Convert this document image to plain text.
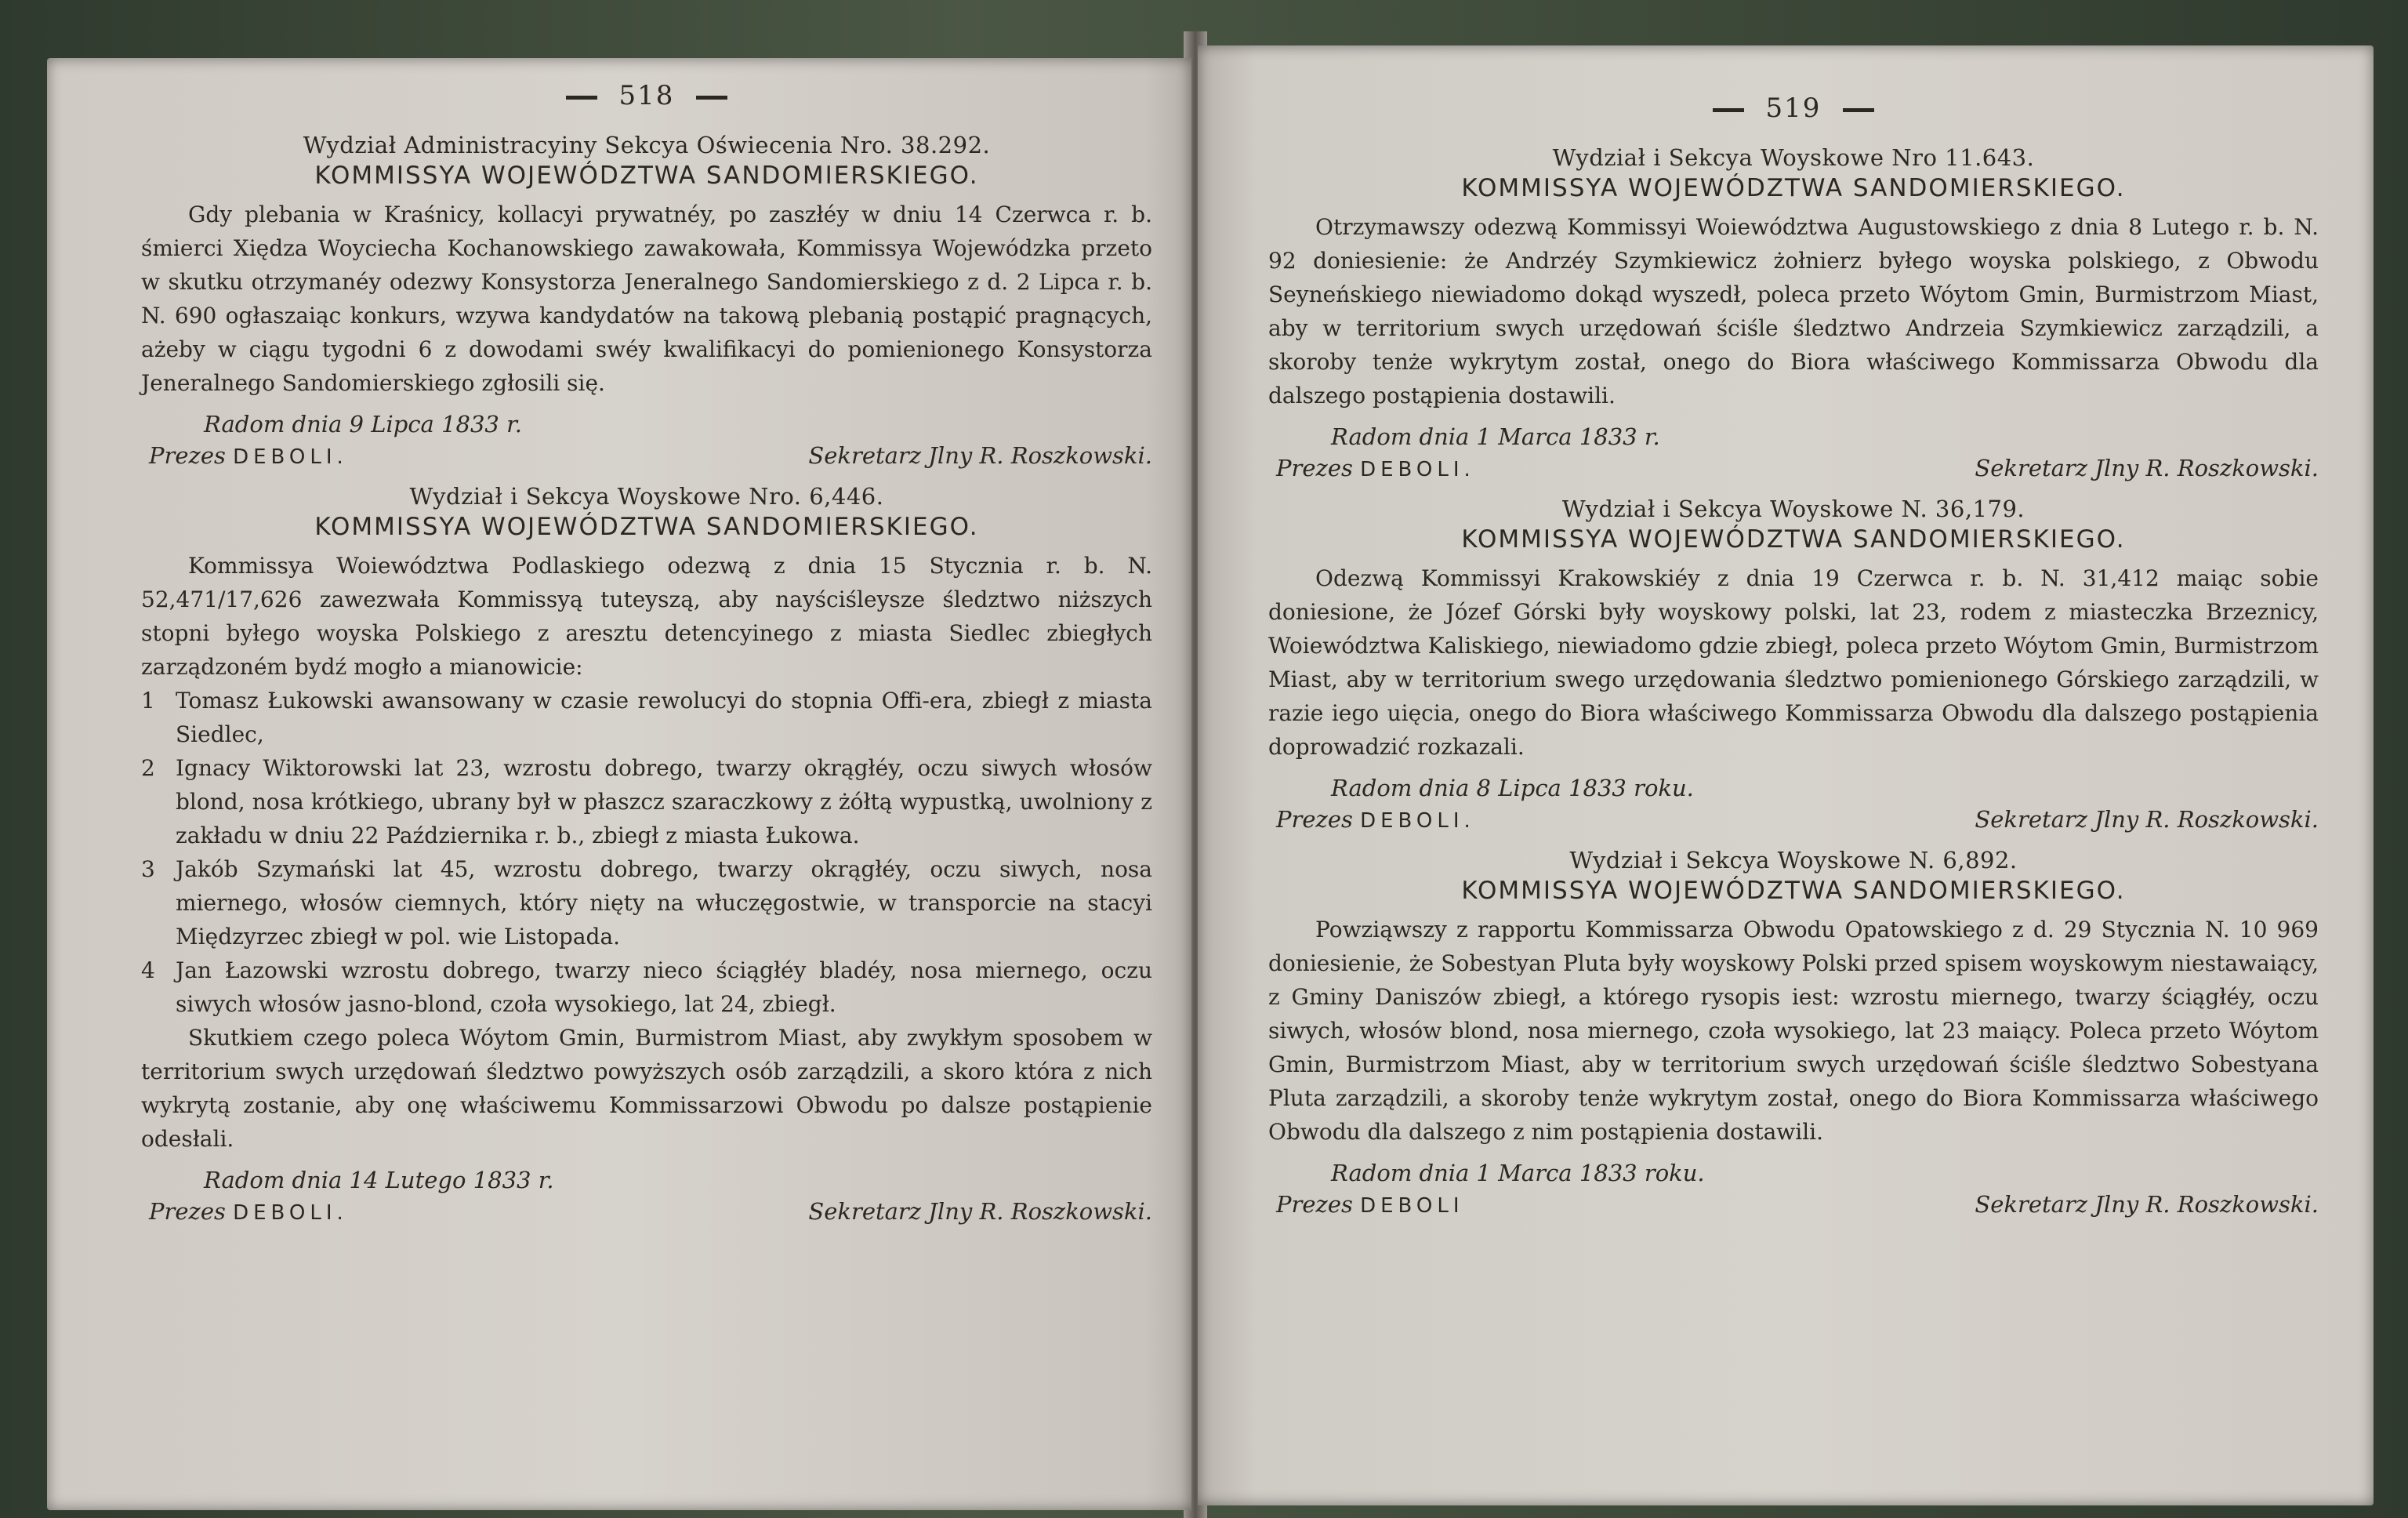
518
Wydział Administracyiny Sekcya Oświecenia Nro. 38.292.
KOMMISSYA WOJEWÓDZTWA SANDOMIERSKIEGO.

Gdy plebania w Kraśnicy, kollacyi prywatnéy, po zaszłéy w dniu 14 Czerwca r. b. śmierci Xiędza Woyciecha Kochanowskiego zawakowała, Kommissya Wojewódzka przeto w skutku otrzymanéy odezwy Konsystorza Jeneralnego Sandomierskiego z d. 2 Lipca r. b. N. 690 ogłaszaiąc konkurs, wzywa kandydatów na takową plebanią postąpić pragnących, ażeby w ciągu tygodni 6 z dowodami swéy kwalifikacyi do pomienionego Konsystorza Jeneralnego Sandomierskiego zgłosili się.

Radom dnia 9 Lipca 1833 r.
Prezes DEBOLI.	Sekretarz Jlny R. Roszkowski.
Wydział i Sekcya Woyskowe Nro. 6,446.
KOMMISSYA WOJEWÓDZTWA SANDOMIERSKIEGO.

Kommissya Woiewództwa Podlaskiego odezwą z dnia 15 Stycznia r. b. N. 52,471/17,626 zawezwała Kommissyą tuteyszą, aby nayściśleysze śledztwo niższych stopni byłego woyska Polskiego z aresztu detencyinego z miasta Siedlec zbiegłych zarządzoném bydź mogło a mianowicie:

1 Tomasz Łukowski awansowany w czasie rewolucyi do stopnia Offi-era, zbiegł z miasta Siedlec,
2 Ignacy Wiktorowski lat 23, wzrostu dobrego, twarzy okrągłéy, oczu siwych włosów blond, nosa krótkiego, ubrany był w płaszcz szaraczkowy z żółtą wypustką, uwolniony z zakładu w dniu 22 Października r. b., zbiegł z miasta Łukowa.
3 Jakób Szymański lat 45, wzrostu dobrego, twarzy okrągłéy, oczu siwych, nosa miernego, włosów ciemnych, który nięty na włuczęgostwie, w transporcie na stacyi Międzyrzec zbiegł w pol. wie Listopada.
4 Jan Łazowski wzrostu dobrego, twarzy nieco ściągłéy bladéy, nosa miernego, oczu siwych włosów jasno-blond, czoła wysokiego, lat 24, zbiegł.

Skutkiem czego poleca Wóytom Gmin, Burmistrom Miast, aby zwykłym sposobem w territorium swych urzędowań śledztwo powyższych osób zarządzili, a skoro która z nich wykrytą zostanie, aby onę właściwemu Kommissarzowi Obwodu po dalsze postąpienie odesłali.

Radom dnia 14 Lutego 1833 r.
Prezes DEBOLI.	Sekretarz Jlny R. Roszkowski.
519
Wydział i Sekcya Woyskowe Nro 11.643.
KOMMISSYA WOJEWÓDZTWA SANDOMIERSKIEGO.

Otrzymawszy odezwą Kommissyi Woiewództwa Augustowskiego z dnia 8 Lutego r. b. N. 92 doniesienie: że Andrzéy Szymkiewicz żołnierz byłego woyska polskiego, z Obwodu Seyneńskiego niewiadomo dokąd wyszedł, poleca przeto Wóytom Gmin, Burmistrzom Miast, aby w territorium swych urzędowań ściśle śledztwo Andrzeia Szymkiewicz zarządzili, a skoroby tenże wykrytym został, onego do Biora właściwego Kommissarza Obwodu dla dalszego postąpienia dostawili.

Radom dnia 1 Marca 1833 r.
Prezes DEBOLI.	Sekretarz Jlny R. Roszkowski.
Wydział i Sekcya Woyskowe N. 36,179.
KOMMISSYA WOJEWÓDZTWA SANDOMIERSKIEGO.

Odezwą Kommissyi Krakowskiéy z dnia 19 Czerwca r. b. N. 31,412 maiąc sobie doniesione, że Józef Górski były woyskowy polski, lat 23, rodem z miasteczka Brzeznicy, Woiewództwa Kaliskiego, niewiadomo gdzie zbiegł, poleca przeto Wóytom Gmin, Burmistrzom Miast, aby w territorium swego urzędowania śledztwo pomienionego Górskiego zarządzili, w razie iego uięcia, onego do Biora właściwego Kommissarza Obwodu dla dalszego postąpienia doprowadzić rozkazali.

Radom dnia 8 Lipca 1833 roku.
Prezes DEBOLI.	Sekretarz Jlny R. Roszkowski.
Wydział i Sekcya Woyskowe N. 6,892.
KOMMISSYA WOJEWÓDZTWA SANDOMIERSKIEGO.

Powziąwszy z rapportu Kommissarza Obwodu Opatowskiego z d. 29 Stycznia N. 10 969 doniesienie, że Sobestyan Pluta były woyskowy Polski przed spisem woyskowym niestawaiący, z Gminy Daniszów zbiegł, a którego rysopis iest: wzrostu miernego, twarzy ściągłéy, oczu siwych, włosów blond, nosa miernego, czoła wysokiego, lat 23 maiący. Poleca przeto Wóytom Gmin, Burmistrzom Miast, aby w territorium swych urzędowań ściśle śledztwo Sobestyana Pluta zarządzili, a skoroby tenże wykrytym został, onego do Biora Kommissarza właściwego Obwodu dla dalszego z nim postąpienia dostawili.

Radom dnia 1 Marca 1833 roku.
Prezes DEBOLI	Sekretarz Jlny R. Roszkowski.
